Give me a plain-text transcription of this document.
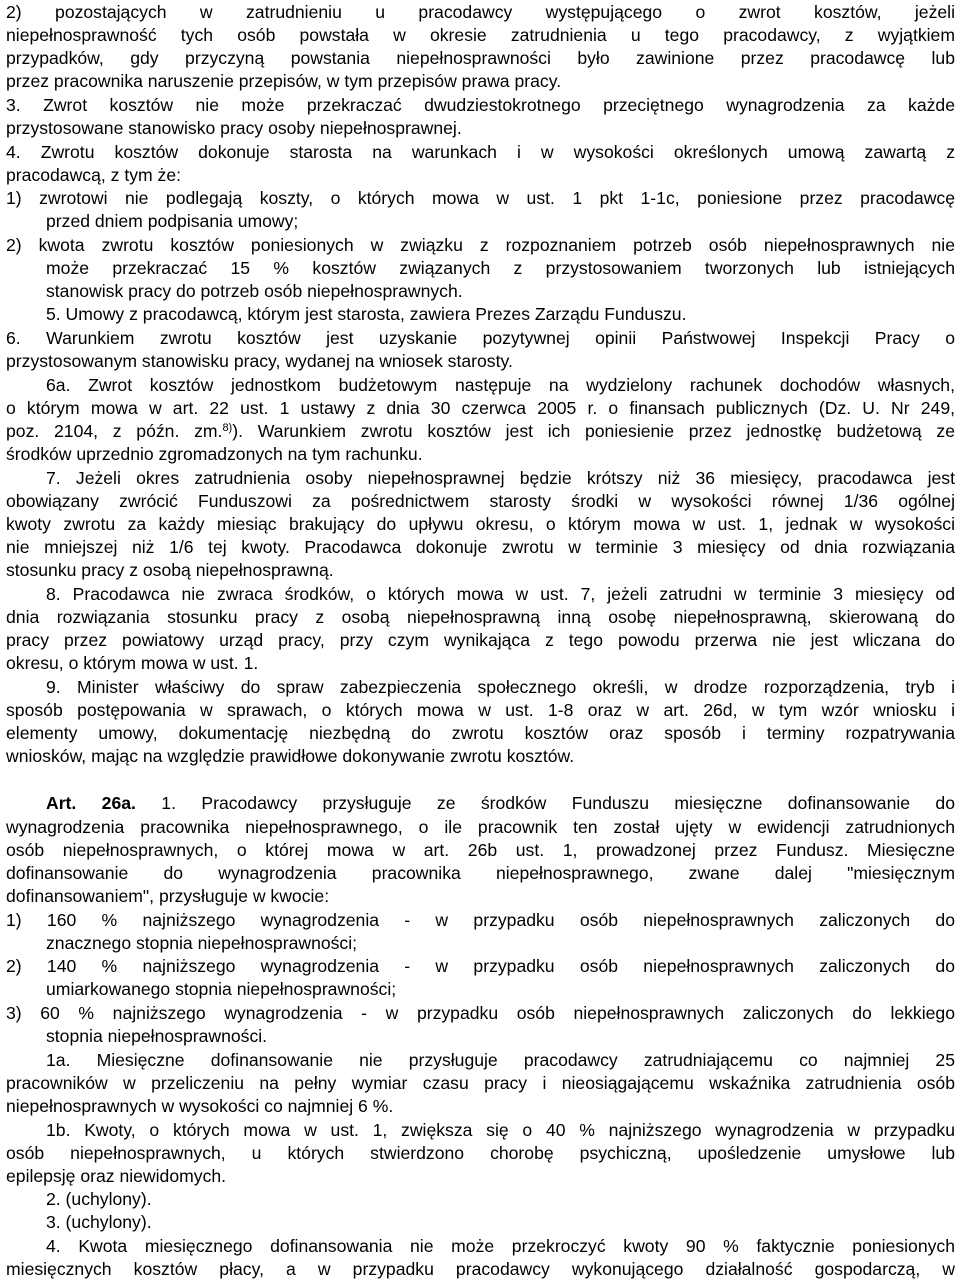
2) pozostających w zatrudnieniu u pracodawcy występującego o zwrot kosztów, jeżeli
niepełnosprawność tych osób powstała w okresie zatrudnienia u tego pracodawcy, z wyjątkiem
przypadków, gdy przyczyną powstania niepełnosprawności było zawinione przez pracodawcę lub
przez pracownika naruszenie przepisów, w tym przepisów prawa pracy.
3. Zwrot kosztów nie może przekraczać dwudziestokrotnego przeciętnego wynagrodzenia za każde
przystosowane stanowisko pracy osoby niepełnosprawnej.
4. Zwrotu kosztów dokonuje starosta na warunkach i w wysokości określonych umową zawartą z
pracodawcą, z tym że:
1) zwrotowi nie podlegają koszty, o których mowa w ust. 1 pkt 1-1c, poniesione przez pracodawcę
przed dniem podpisania umowy;
2) kwota zwrotu kosztów poniesionych w związku z rozpoznaniem potrzeb osób niepełnosprawnych nie
może przekraczać 15 % kosztów związanych z przystosowaniem tworzonych lub istniejących
stanowisk pracy do potrzeb osób niepełnosprawnych.
5. Umowy z pracodawcą, którym jest starosta, zawiera Prezes Zarządu Funduszu.
6. Warunkiem zwrotu kosztów jest uzyskanie pozytywnej opinii Państwowej Inspekcji Pracy o
przystosowanym stanowisku pracy, wydanej na wniosek starosty.
6a. Zwrot kosztów jednostkom budżetowym następuje na wydzielony rachunek dochodów własnych,
o którym mowa w art. 22 ust. 1 ustawy z dnia 30 czerwca 2005 r. o finansach publicznych (Dz. U. Nr 249,
poz. 2104, z późn. zm.$^{8)}$). Warunkiem zwrotu kosztów jest ich poniesienie przez jednostkę budżetową ze
środków uprzednio zgromadzonych na tym rachunku.
7. Jeżeli okres zatrudnienia osoby niepełnosprawnej będzie krótszy niż 36 miesięcy, pracodawca jest
obowiązany zwrócić Funduszowi za pośrednictwem starosty środki w wysokości równej 1/36 ogólnej
kwoty zwrotu za każdy miesiąc brakujący do upływu okresu, o którym mowa w ust. 1, jednak w wysokości
nie mniejszej niż 1/6 tej kwoty. Pracodawca dokonuje zwrotu w terminie 3 miesięcy od dnia rozwiązania
stosunku pracy z osobą niepełnosprawną.
8. Pracodawca nie zwraca środków, o których mowa w ust. 7, jeżeli zatrudni w terminie 3 miesięcy od
dnia rozwiązania stosunku pracy z osobą niepełnosprawną inną osobę niepełnosprawną, skierowaną do
pracy przez powiatowy urząd pracy, przy czym wynikająca z tego powodu przerwa nie jest wliczana do
okresu, o którym mowa w ust. 1.
9. Minister właściwy do spraw zabezpieczenia społecznego określi, w drodze rozporządzenia, tryb i
sposób postępowania w sprawach, o których mowa w ust. 1-8 oraz w art. 26d, w tym wzór wniosku i
elementy umowy, dokumentację niezbędną do zwrotu kosztów oraz sposób i terminy rozpatrywania
wniosków, mając na względzie prawidłowe dokonywanie zwrotu kosztów.
Art. 26a. 1. Pracodawcy przysługuje ze środków Funduszu miesięczne dofinansowanie do
wynagrodzenia pracownika niepełnosprawnego, o ile pracownik ten został ujęty w ewidencji zatrudnionych
osób niepełnosprawnych, o której mowa w art. 26b ust. 1, prowadzonej przez Fundusz. Miesięczne
dofinansowanie do wynagrodzenia pracownika niepełnosprawnego, zwane dalej "miesięcznym
dofinansowaniem", przysługuje w kwocie:
1) 160 % najniższego wynagrodzenia - w przypadku osób niepełnosprawnych zaliczonych do
znacznego stopnia niepełnosprawności;
2) 140 % najniższego wynagrodzenia - w przypadku osób niepełnosprawnych zaliczonych do
umiarkowanego stopnia niepełnosprawności;
3) 60 % najniższego wynagrodzenia - w przypadku osób niepełnosprawnych zaliczonych do lekkiego
stopnia niepełnosprawności.
1a. Miesięczne dofinansowanie nie przysługuje pracodawcy zatrudniającemu co najmniej 25
pracowników w przeliczeniu na pełny wymiar czasu pracy i nieosiągającemu wskaźnika zatrudnienia osób
niepełnosprawnych w wysokości co najmniej 6 %.
1b. Kwoty, o których mowa w ust. 1, zwiększa się o 40 % najniższego wynagrodzenia w przypadku
osób niepełnosprawnych, u których stwierdzono chorobę psychiczną, upośledzenie umysłowe lub
epilepsję oraz niewidomych.
2. (uchylony).
3. (uchylony).
4. Kwota miesięcznego dofinansowania nie może przekroczyć kwoty 90 % faktycznie poniesionych
miesięcznych kosztów płacy, a w przypadku pracodawcy wykonującego działalność gospodarczą, w
